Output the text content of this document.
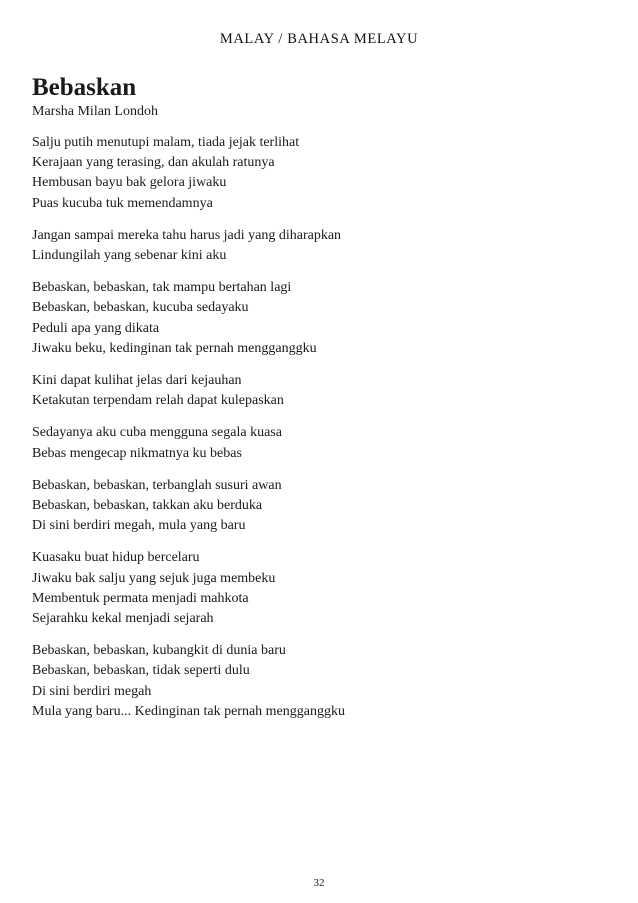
MALAY / BAHASA MELAYU
Bebaskan
Marsha Milan Londoh
Salju putih menutupi malam, tiada jejak terlihat
Kerajaan yang terasing, dan akulah ratunya
Hembusan bayu bak gelora jiwaku
Puas kucuba tuk memendamnya
Jangan sampai mereka tahu harus jadi yang diharapkan
Lindungilah yang sebenar kini aku
Bebaskan, bebaskan, tak mampu bertahan lagi
Bebaskan, bebaskan, kucuba sedayaku
Peduli apa yang dikata
Jiwaku beku, kedinginan tak pernah mengganggku
Kini dapat kulihat jelas dari kejauhan
Ketakutan terpendam relah dapat kulepaskan
Sedayanya aku cuba mengguna segala kuasa
Bebas mengecap nikmatnya ku bebas
Bebaskan, bebaskan, terbanglah susuri awan
Bebaskan, bebaskan, takkan aku berduka
Di sini berdiri megah, mula yang baru
Kuasaku buat hidup bercelaru
Jiwaku bak salju yang sejuk juga membeku
Membentuk permata menjadi mahkota
Sejarahku kekal menjadi sejarah
Bebaskan, bebaskan, kubangkit di dunia baru
Bebaskan, bebaskan, tidak seperti dulu
Di sini berdiri megah
Mula yang baru... Kedinginan tak pernah mengganggku
32
